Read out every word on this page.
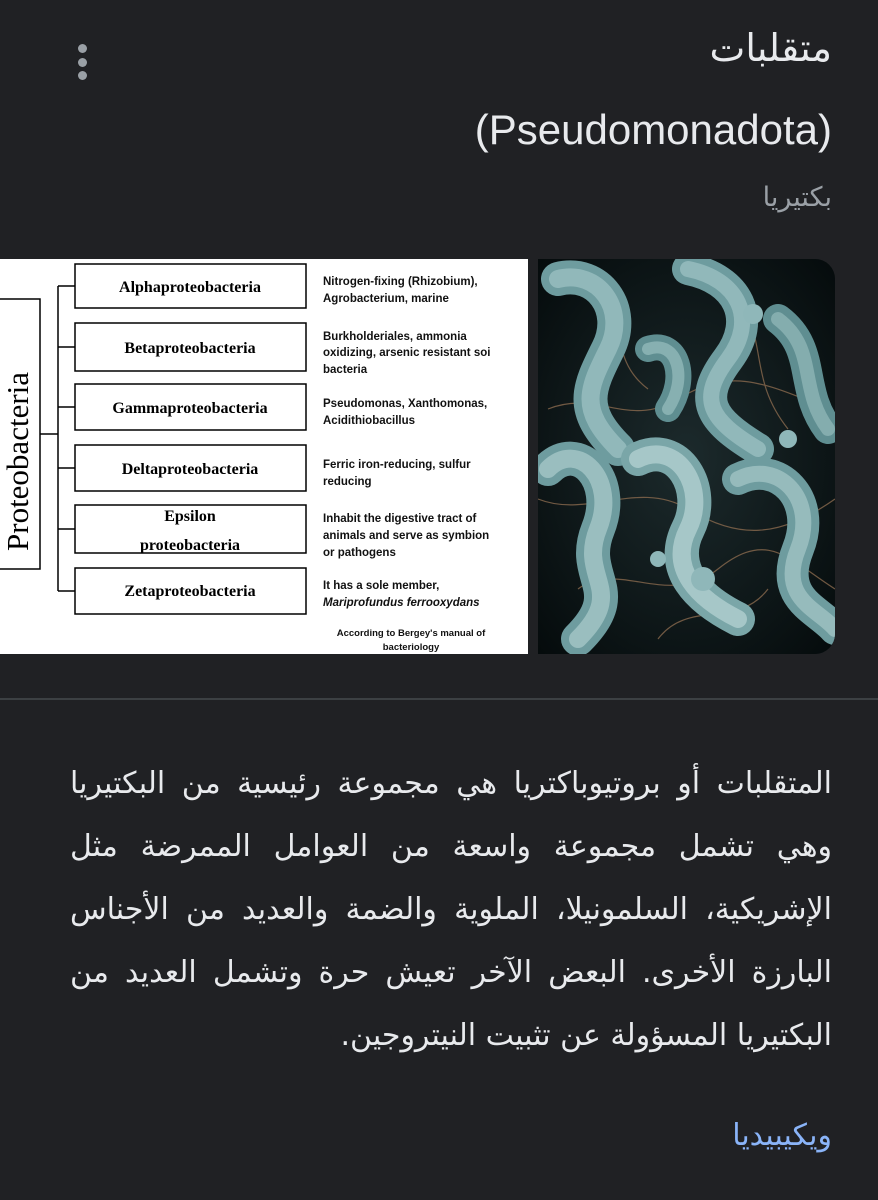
متقلبات
(Pseudomonadota)
بكتيريا
Proteobacteria
Alphaproteobacteria
Betaproteobacteria
Gammaproteobacteria
Deltaproteobacteria
Epsilon
proteobacteria
Zetaproteobacteria
Nitrogen-fixing (Rhizobium),
Agrobacterium, marine
Burkholderiales, ammonia
oxidizing, arsenic resistant soi
bacteria
Pseudomonas, Xanthomonas,
Acidithiobacillus
Ferric iron-reducing, sulfur
reducing
Inhabit the digestive tract of
animals and serve as symbion
or pathogens
It has a sole member,
Mariprofundus ferrooxydans
According to Bergey's manual of
bacteriology
المتقلبات أو بروتيوباكتريا هي مجموعة رئيسية من البكتيريا وهي تشمل مجموعة واسعة من العوامل الممرضة مثل الإشريكية، السلمونيلا، الملوية والضمة والعديد من الأجناس البارزة الأخرى. البعض الآخر تعيش حرة وتشمل العديد من البكتيريا المسؤولة عن تثبيت النيتروجين.
ويكيبيديا
